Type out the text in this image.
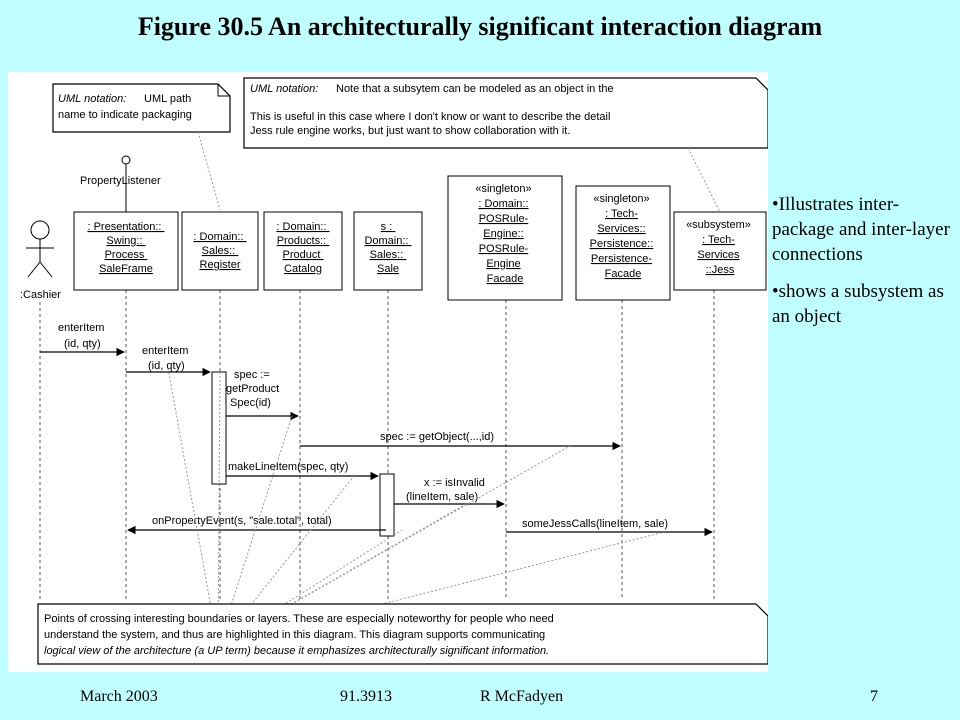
Figure 30.5 An architecturally significant interaction diagram
UML notation: UML path
name to indicate packaging
UML notation: Note that a subsytem can be modeled as an object in the
This is useful in this case where I don't know or want to describe the detail
Jess rule engine works, but just want to show collaboration with it.
PropertyListener
:Cashier
: Presentation:: Swing:: Process SaleFrame
: Domain:: Sales:: Register
: Domain:: Products:: Product Catalog
s : Domain:: Sales:: Sale
«singleton» : Domain:: POSRule- Engine:: POSRule- Engine Facade
«singleton» : Tech- Services:: Persistence:: Persistence- Facade
«subsystem» : Tech- Services ::Jess
enterItem (id, qty)
enterItem (id, qty)
spec := getProduct Spec(id)
spec := getObject(...,id)
makeLineItem(spec, qty)
x := isInvalid (lineItem, sale)
onPropertyEvent(s, "sale.total", total)	someJessCalls(lineItem, sale)
Points of crossing interesting boundaries or layers. These are especially noteworthy for people who need
understand the system, and thus are highlighted in this diagram. This diagram supports communicating
logical view of the architecture (a UP term) because it emphasizes architecturally significant information.

•Illustrates inter-package and inter-layer connections

•shows a subsystem as an object

March 2003	91.3913	R McFadyen	7
